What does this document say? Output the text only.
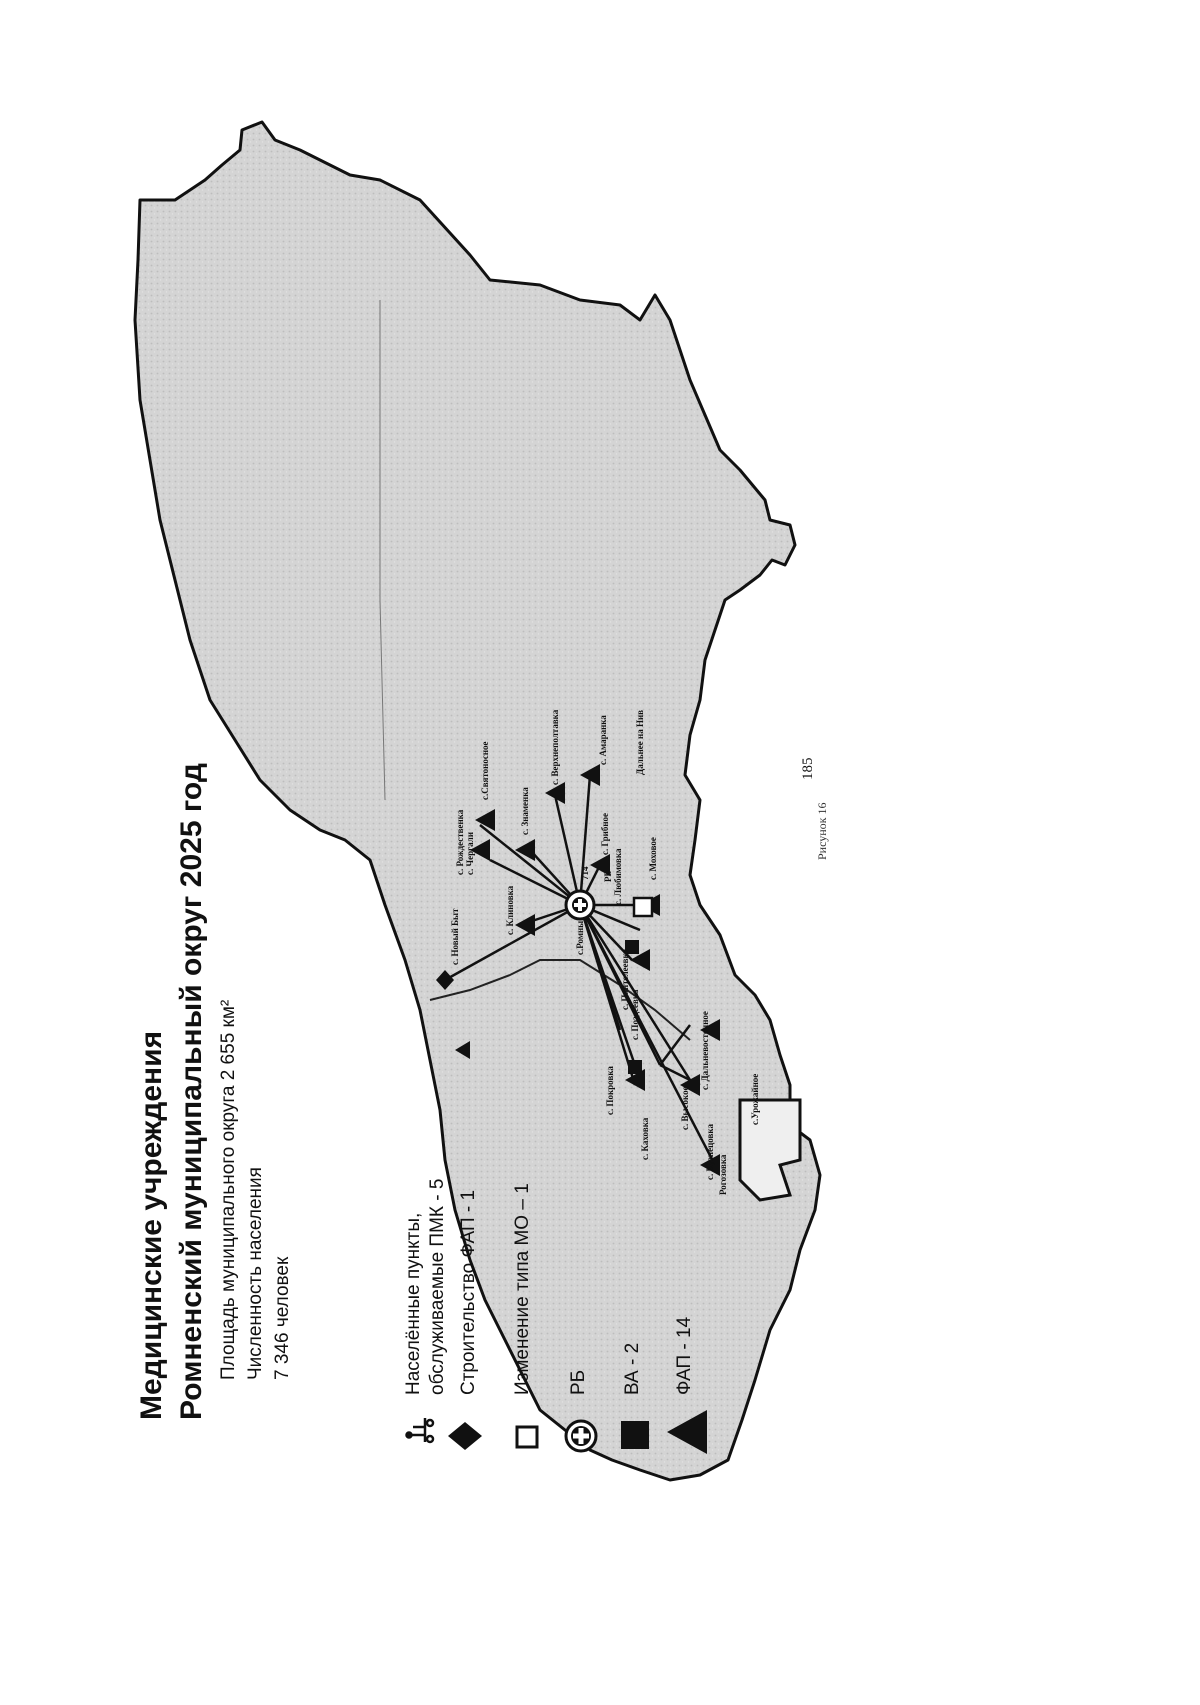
185
Рисунок 16
Медицинские учреждения Ромненский муниципальный округ 2025 год Площадь муниципального округа 2 655 км² Численность населения 7 346 человек	Населённые пункты, обслуживаемые ПМК - 5 Строительство ФАП - 1 Изменение типа МО – 1 РБ ВА - 2 ФАП - 14
с. Новый Быт
с. Рождественка с. Чергали
с.Святоносное
с. Клиновка
с. Знаменка
с. Верхнеполтавка
с.Ромны
714 РБ
с. Амаранка
с. Моховое
с. Любимовка
с. Грибное
Дальнее на Нив
с. Поздеевка
с. Пантелеевка
с. Покровка
с. Каховка
с. Дальневосточное
с. Высокое
с. Кузнецовка
с.Урожайное
Рогозовка
